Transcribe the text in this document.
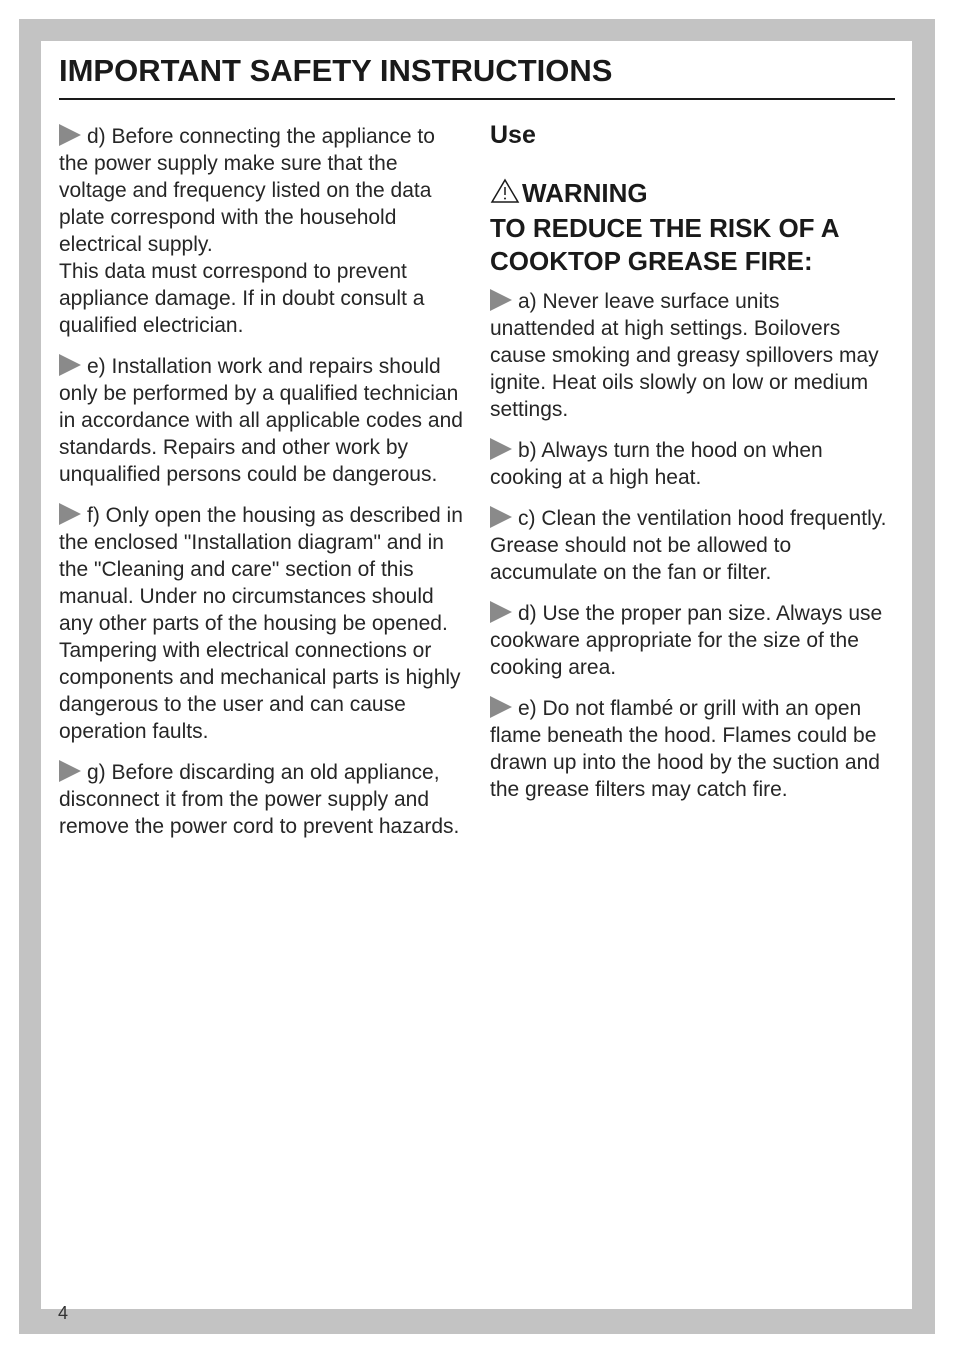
IMPORTANT SAFETY INSTRUCTIONS

d) Before connecting the appliance to the power supply make sure that the voltage and frequency listed on the data plate correspond with the household electrical supply.
This data must correspond to prevent appliance damage. If in doubt consult a qualified electrician.

e) Installation work and repairs should only be performed by a qualified technician in accordance with all applicable codes and standards. Repairs and other work by unqualified persons could be dangerous.

f) Only open the housing as described in the enclosed "Installation diagram" and in the "Cleaning and care" section of this manual. Under no circumstances should any other parts of the housing be opened. Tampering with electrical connections or components and mechanical parts is highly dangerous to the user and can cause operation faults.

g) Before discarding an old appliance, disconnect it from the power supply and remove the power cord to prevent hazards.

Use
WARNING
TO REDUCE THE RISK OF A
COOKTOP GREASE FIRE:

a) Never leave surface units unattended at high settings. Boilovers cause smoking and greasy spillovers may ignite. Heat oils slowly on low or medium settings.

b) Always turn the hood on when cooking at a high heat.

c) Clean the ventilation hood frequently. Grease should not be allowed to accumulate on the fan or filter.

d) Use the proper pan size. Always use cookware appropriate for the size of the cooking area.

e) Do not flambé or grill with an open flame beneath the hood. Flames could be drawn up into the hood by the suction and the grease filters may catch fire.

4
